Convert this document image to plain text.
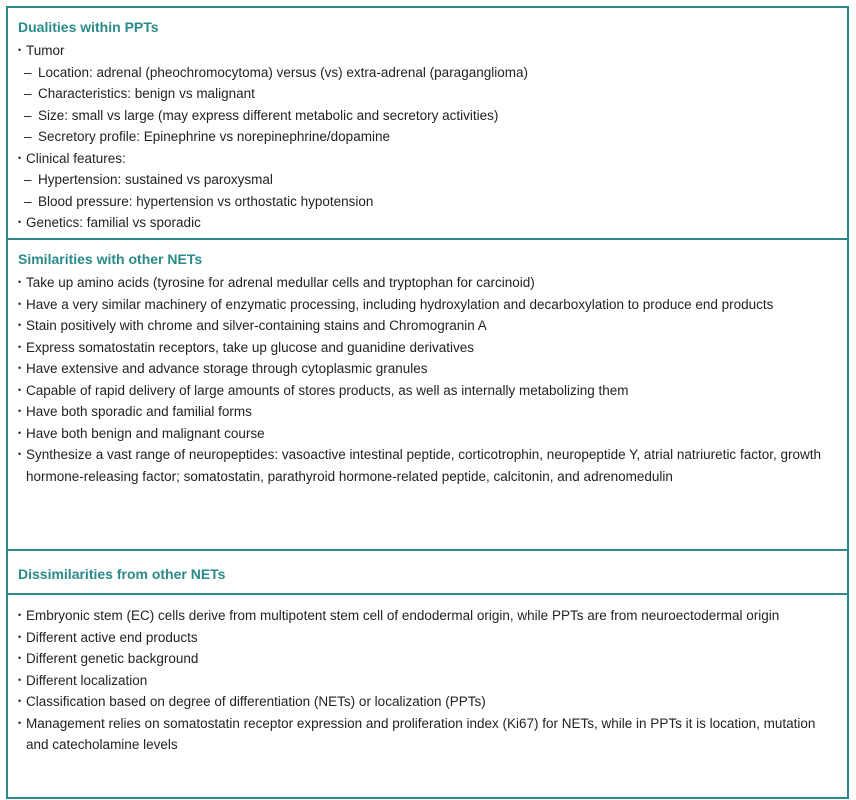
Dualities within PPTs
• Tumor
– Location: adrenal (pheochromocytoma) versus (vs) extra-adrenal (paraganglioma)
– Characteristics: benign vs malignant
– Size: small vs large (may express different metabolic and secretory activities)
– Secretory profile: Epinephrine vs norepinephrine/dopamine
• Clinical features:
– Hypertension: sustained vs paroxysmal
– Blood pressure: hypertension vs orthostatic hypotension
• Genetics: familial vs sporadic
Similarities with other NETs
• Take up amino acids (tyrosine for adrenal medullar cells and tryptophan for carcinoid)
• Have a very similar machinery of enzymatic processing, including hydroxylation and decarboxylation to produce end products
• Stain positively with chrome and silver-containing stains and Chromogranin A
• Express somatostatin receptors, take up glucose and guanidine derivatives
• Have extensive and advance storage through cytoplasmic granules
• Capable of rapid delivery of large amounts of stores products, as well as internally metabolizing them
• Have both sporadic and familial forms
• Have both benign and malignant course
• Synthesize a vast range of neuropeptides: vasoactive intestinal peptide, corticotrophin, neuropeptide Y, atrial natriuretic factor, growth hormone-releasing factor; somatostatin, parathyroid hormone-related peptide, calcitonin, and adrenomedulin
Dissimilarities from other NETs
• Embryonic stem (EC) cells derive from multipotent stem cell of endodermal origin, while PPTs are from neuroectodermal origin
• Different active end products
• Different genetic background
• Different localization
• Classification based on degree of differentiation (NETs) or localization (PPTs)
• Management relies on somatostatin receptor expression and proliferation index (Ki67) for NETs, while in PPTs it is location, mutation and catecholamine levels
